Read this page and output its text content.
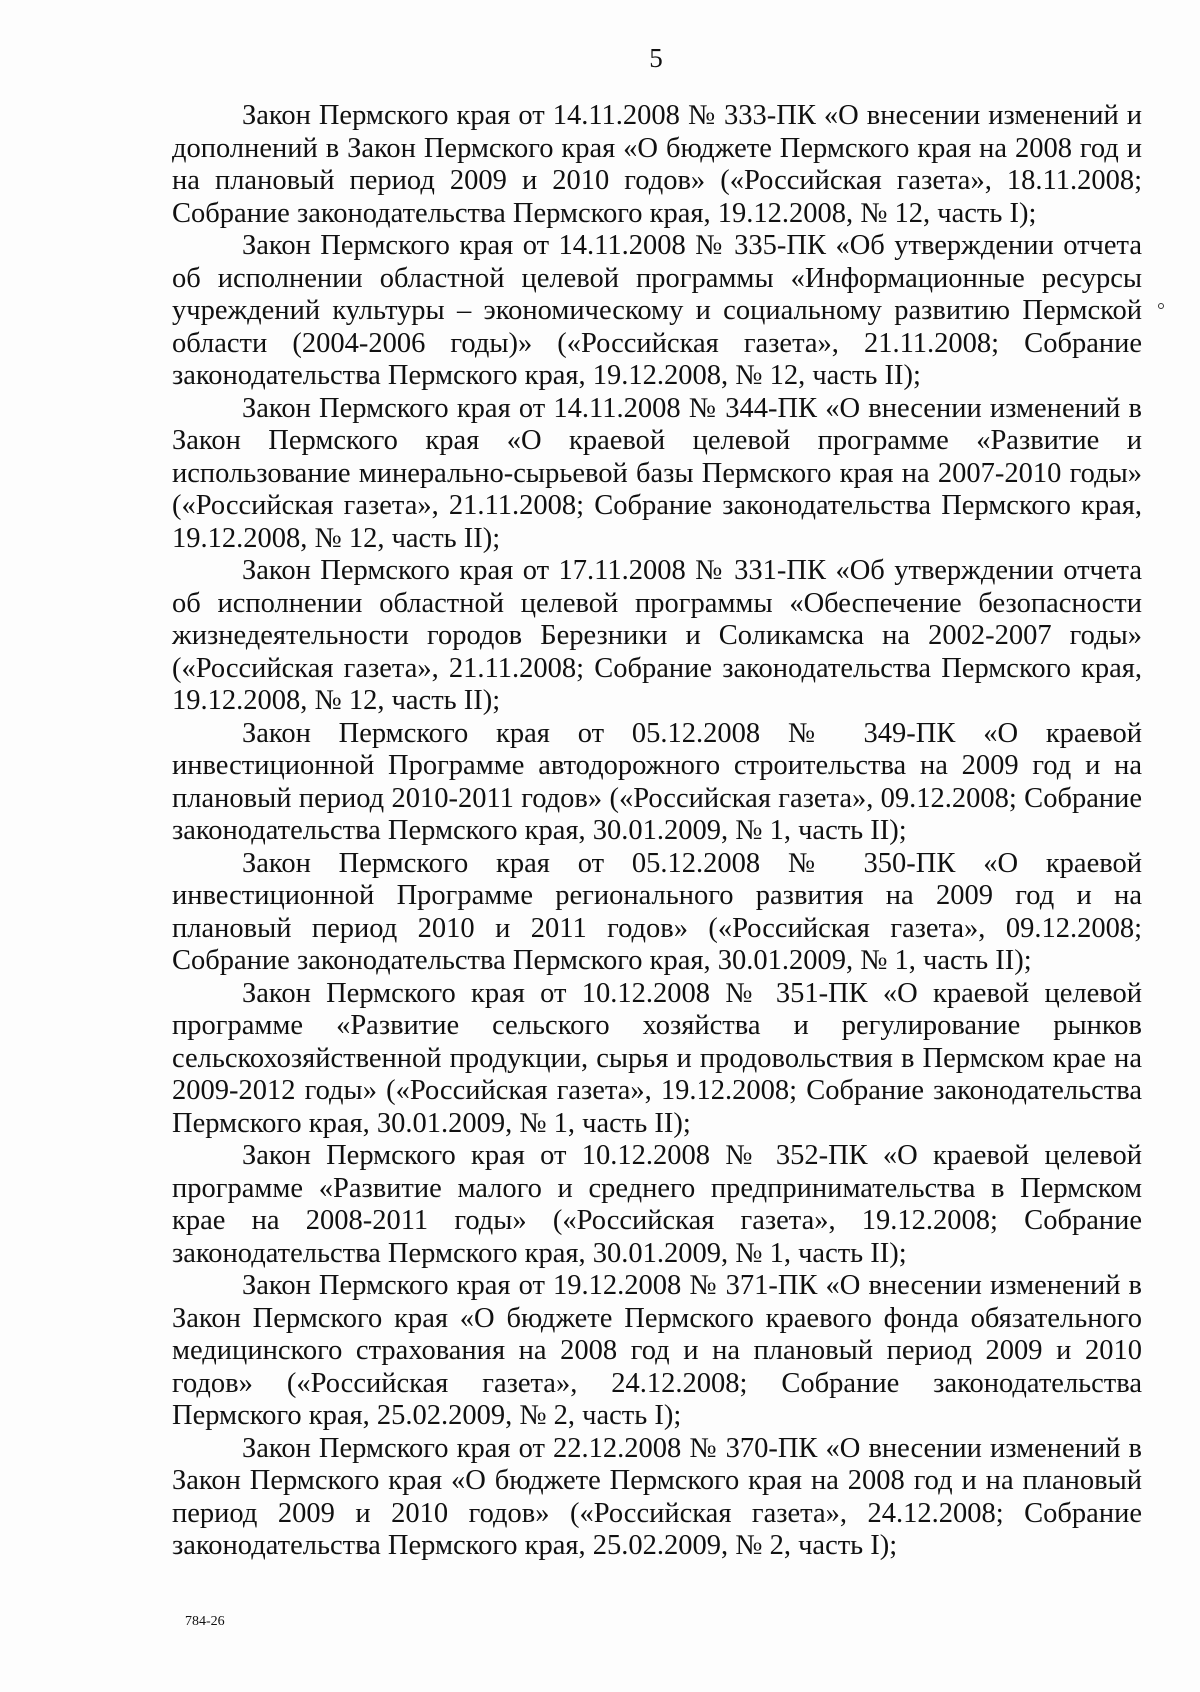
5

Закон Пермского края от 14.11.2008 № 333-ПК «О внесении изменений и дополнений в Закон Пермского края «О бюджете Пермского края на 2008 год и на плановый период 2009 и 2010 годов» («Российская газета», 18.11.2008; Собрание законодательства Пермского края, 19.12.2008, № 12, часть I);

Закон Пермского края от 14.11.2008 № 335-ПК «Об утверждении отчета об исполнении областной целевой программы «Информационные ресурсы учреждений культуры – экономическому и социальному развитию Пермской области (2004-2006 годы)» («Российская газета», 21.11.2008; Собрание законодательства Пермского края, 19.12.2008, № 12, часть II);

Закон Пермского края от 14.11.2008 № 344-ПК «О внесении изменений в Закон Пермского края «О краевой целевой программе «Развитие и использование минерально-сырьевой базы Пермского края на 2007-2010 годы» («Российская газета», 21.11.2008; Собрание законодательства Пермского края, 19.12.2008, № 12, часть II);

Закон Пермского края от 17.11.2008 № 331-ПК «Об утверждении отчета об исполнении областной целевой программы «Обеспечение безопасности жизнедеятельности городов Березники и Соликамска на 2002-2007 годы» («Российская газета», 21.11.2008; Собрание законодательства Пермского края, 19.12.2008, № 12, часть II);

Закон Пермского края от 05.12.2008 № 349-ПК «О краевой инвестиционной Программе автодорожного строительства на 2009 год и на плановый период 2010-2011 годов» («Российская газета», 09.12.2008; Собрание законодательства Пермского края, 30.01.2009, № 1, часть II);

Закон Пермского края от 05.12.2008 № 350-ПК «О краевой инвестиционной Программе регионального развития на 2009 год и на плановый период 2010 и 2011 годов» («Российская газета», 09.12.2008; Собрание законодательства Пермского края, 30.01.2009, № 1, часть II);

Закон Пермского края от 10.12.2008 № 351-ПК «О краевой целевой программе «Развитие сельского хозяйства и регулирование рынков сельскохозяйственной продукции, сырья и продовольствия в Пермском крае на 2009-2012 годы» («Российская газета», 19.12.2008; Собрание законодательства Пермского края, 30.01.2009, № 1, часть II);

Закон Пермского края от 10.12.2008 № 352-ПК «О краевой целевой программе «Развитие малого и среднего предпринимательства в Пермском крае на 2008-2011 годы» («Российская газета», 19.12.2008; Собрание законодательства Пермского края, 30.01.2009, № 1, часть II);

Закон Пермского края от 19.12.2008 № 371-ПК «О внесении изменений в Закон Пермского края «О бюджете Пермского краевого фонда обязательного медицинского страхования на 2008 год и на плановый период 2009 и 2010 годов» («Российская газета», 24.12.2008; Собрание законодательства Пермского края, 25.02.2009, № 2, часть I);

Закон Пермского края от 22.12.2008 № 370-ПК «О внесении изменений в Закон Пермского края «О бюджете Пермского края на 2008 год и на плановый период 2009 и 2010 годов» («Российская газета», 24.12.2008; Собрание законодательства Пермского края, 25.02.2009, № 2, часть I);

784-26
